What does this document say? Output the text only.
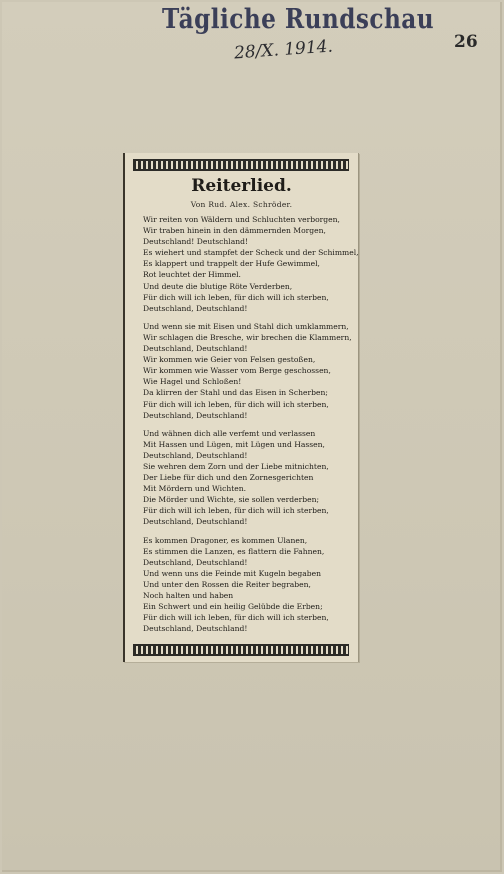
Tägliche Rundschau
28/X. 1914.	26
Reiterlied.
Von Rud. Alex. Schröder.
Wir reiten von Wäldern und Schluchten verborgen,
Wir traben hinein in den dämmernden Morgen,
Deutschland! Deutschland!
Es wiehert und stampfet der Scheck und der Schimmel,
Es klappert und trappelt der Hufe Gewimmel,
Rot leuchtet der Himmel.
Und deute die blutige Röte Verderben,
Für dich will ich leben, für dich will ich sterben,
Deutschland, Deutschland!
Und wenn sie mit Eisen und Stahl dich umklammern,
Wir schlagen die Bresche, wir brechen die Klammern,
Deutschland, Deutschland!
Wir kommen wie Geier von Felsen gestoßen,
Wir kommen wie Wasser vom Berge geschossen,
Wie Hagel und Schloßen!
Da klirren der Stahl und das Eisen in Scherben;
Für dich will ich leben, für dich will ich sterben,
Deutschland, Deutschland!
Und wähnen dich alle verfemt und verlassen
Mit Hassen und Lügen, mit Lügen und Hassen,
Deutschland, Deutschland!
Sie wehren dem Zorn und der Liebe mitnichten,
Der Liebe für dich und den Zornesgerichten
Mit Mördern und Wichten.
Die Mörder und Wichte, sie sollen verderben;
Für dich will ich leben, für dich will ich sterben,
Deutschland, Deutschland!
Es kommen Dragoner, es kommen Ulanen,
Es stimmen die Lanzen, es flattern die Fahnen,
Deutschland, Deutschland!
Und wenn uns die Feinde mit Kugeln begaben
Und unter den Rossen die Reiter begraben,
Noch halten und haben
Ein Schwert und ein heilig Gelübde die Erben;
Für dich will ich leben, für dich will ich sterben,
Deutschland, Deutschland!
